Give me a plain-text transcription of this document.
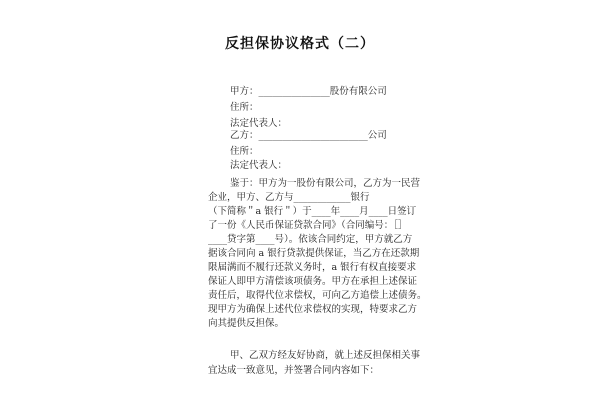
反担保协议格式（二）
甲方：_______________股份有限公司
住所：
法定代表人：
乙方：_______________________公司
住所：
法定代表人：
鉴于：甲方为一股份有限公司，乙方为一民营
企业，甲方、乙方与____________银行
（下简称＂a 银行＂）于____年____月____日签订
了一份《人民币保证贷款合同》（合同编号：［］
____贷字第____号）。依该合同约定，甲方就乙方
据该合同向 a 银行贷款提供保证，当乙方在还款期
限届满而不履行还款义务时，a 银行有权直接要求
保证人即甲方清偿该项债务。甲方在承担上述保证
责任后，取得代位求偿权，可向乙方追偿上述债务。
现甲方为确保上述代位求偿权的实现，特要求乙方
向其提供反担保。
甲、乙双方经友好协商，就上述反担保相关事
宜达成一致意见，并签署合同内容如下：
